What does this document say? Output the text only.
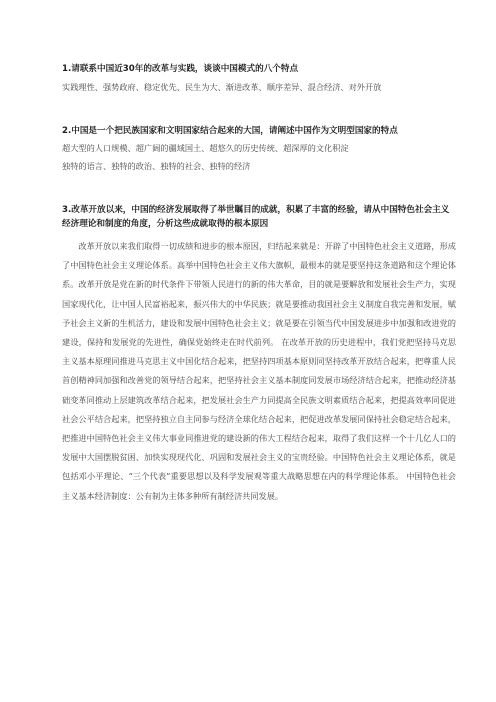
1.请联系中国近30年的改革与实践，谈谈中国模式的八个特点

实践理性、强势政府、稳定优先、民生为大、渐进改革、顺序差异、混合经济、对外开放

2.中国是一个把民族国家和文明国家结合起来的大国，请阐述中国作为文明型国家的特点

超大型的人口规模、超广阔的疆域国土、超悠久的历史传统、超深厚的文化积淀

独特的语言、独特的政治、独特的社会、独特的经济

3.改革开放以来，中国的经济发展取得了举世瞩目的成就，积累了丰富的经验，请从中国特色社会主义经济理论和制度的角度，分析这些成就取得的根本原因

改革开放以来我们取得一切成绩和进步的根本原因，归结起来就是：开辟了中国特色社会主义道路，形成了中国特色社会主义理论体系。高举中国特色社会主义伟大旗帜，最根本的就是要坚持这条道路和这个理论体系。改革开放是党在新的时代条件下带领人民进行的新的伟大革命，目的就是要解放和发展社会生产力，实现国家现代化，让中国人民富裕起来，振兴伟大的中华民族；就是要推动我国社会主义制度自我完善和发展，赋予社会主义新的生机活力，建设和发展中国特色社会主义；就是要在引领当代中国发展进步中加强和改进党的建设，保持和发展党的先进性，确保党始终走在时代前列。 在改革开放的历史进程中，我们党把坚持马克思主义基本原理同推进马克思主义中国化结合起来，把坚持四项基本原则同坚持改革开放结合起来，把尊重人民首创精神同加强和改善党的领导结合起来，把坚持社会主义基本制度同发展市场经济结合起来，把推动经济基础变革同推动上层建筑改革结合起来，把发展社会生产力同提高全民族文明素质结合起来，把提高效率同促进社会公平结合起来，把坚持独立自主同参与经济全球化结合起来，把促进改革发展同保持社会稳定结合起来，把推进中国特色社会主义伟大事业同推进党的建设新的伟大工程结合起来，取得了我们这样一个十几亿人口的发展中大国摆脱贫困、加快实现现代化、巩固和发展社会主义的宝贵经验。中国特色社会主义理论体系，就是包括邓小平理论、“三个代表”重要思想以及科学发展观等重大战略思想在内的科学理论体系。 中国特色社会主义基本经济制度：公有制为主体多种所有制经济共同发展。
